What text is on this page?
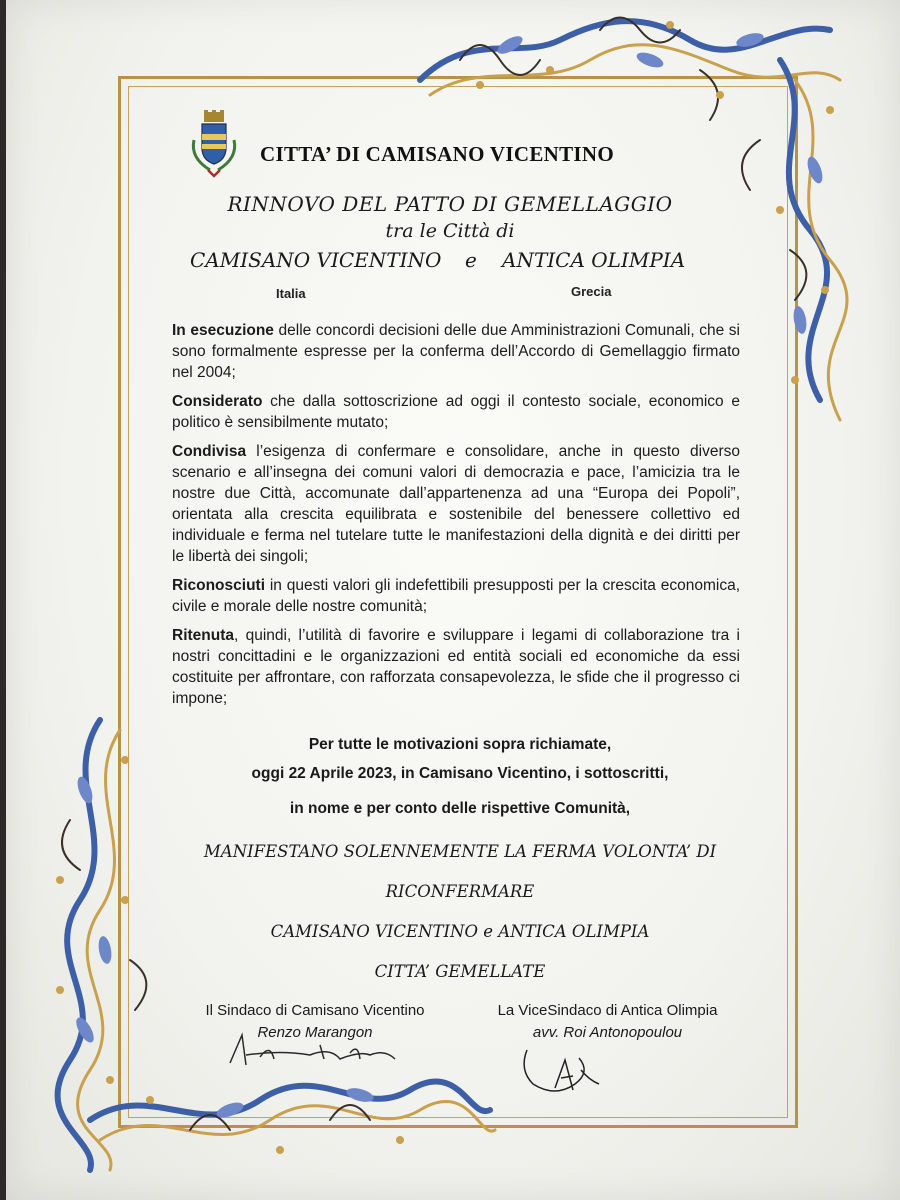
CITTA’ DI CAMISANO VICENTINO
RINNOVO DEL PATTO DI GEMELLAGGIO
tra le Città di
CAMISANO VICENTINO e ANTICA OLIMPIA
Italia	Grecia

In esecuzione delle concordi decisioni delle due Amministrazioni Comunali, che si sono formalmente espresse per la conferma dell’Accordo di Gemellaggio firmato nel 2004;

Considerato che dalla sottoscrizione ad oggi il contesto sociale, economico e politico è sensibilmente mutato;

Condivisa l’esigenza di confermare e consolidare, anche in questo diverso scenario e all’insegna dei comuni valori di democrazia e pace, l’amicizia tra le nostre due Città, accomunate dall’appartenenza ad una “Europa dei Popoli”, orientata alla crescita equilibrata e sostenibile del benessere collettivo ed individuale e ferma nel tutelare tutte le manifestazioni della dignità e dei diritti per le libertà dei singoli;

Riconosciuti in questi valori gli indefettibili presupposti per la crescita economica, civile e morale delle nostre comunità;

Ritenuta, quindi, l’utilità di favorire e sviluppare i legami di collaborazione tra i nostri concittadini e le organizzazioni ed entità sociali ed economiche da essi costituite per affrontare, con rafforzata consapevolezza, le sfide che il progresso ci impone;

Per tutte le motivazioni sopra richiamate,
oggi 22 Aprile 2023, in Camisano Vicentino, i sottoscritti,
in nome e per conto delle rispettive Comunità,
MANIFESTANO SOLENNEMENTE LA FERMA VOLONTA’ DI
RICONFERMARE
CAMISANO VICENTINO e ANTICA OLIMPIA
CITTA’ GEMELLATE
Il Sindaco di Camisano Vicentino
Renzo Marangon
La ViceSindaco di Antica Olimpia
avv. Roi Antonopoulou
